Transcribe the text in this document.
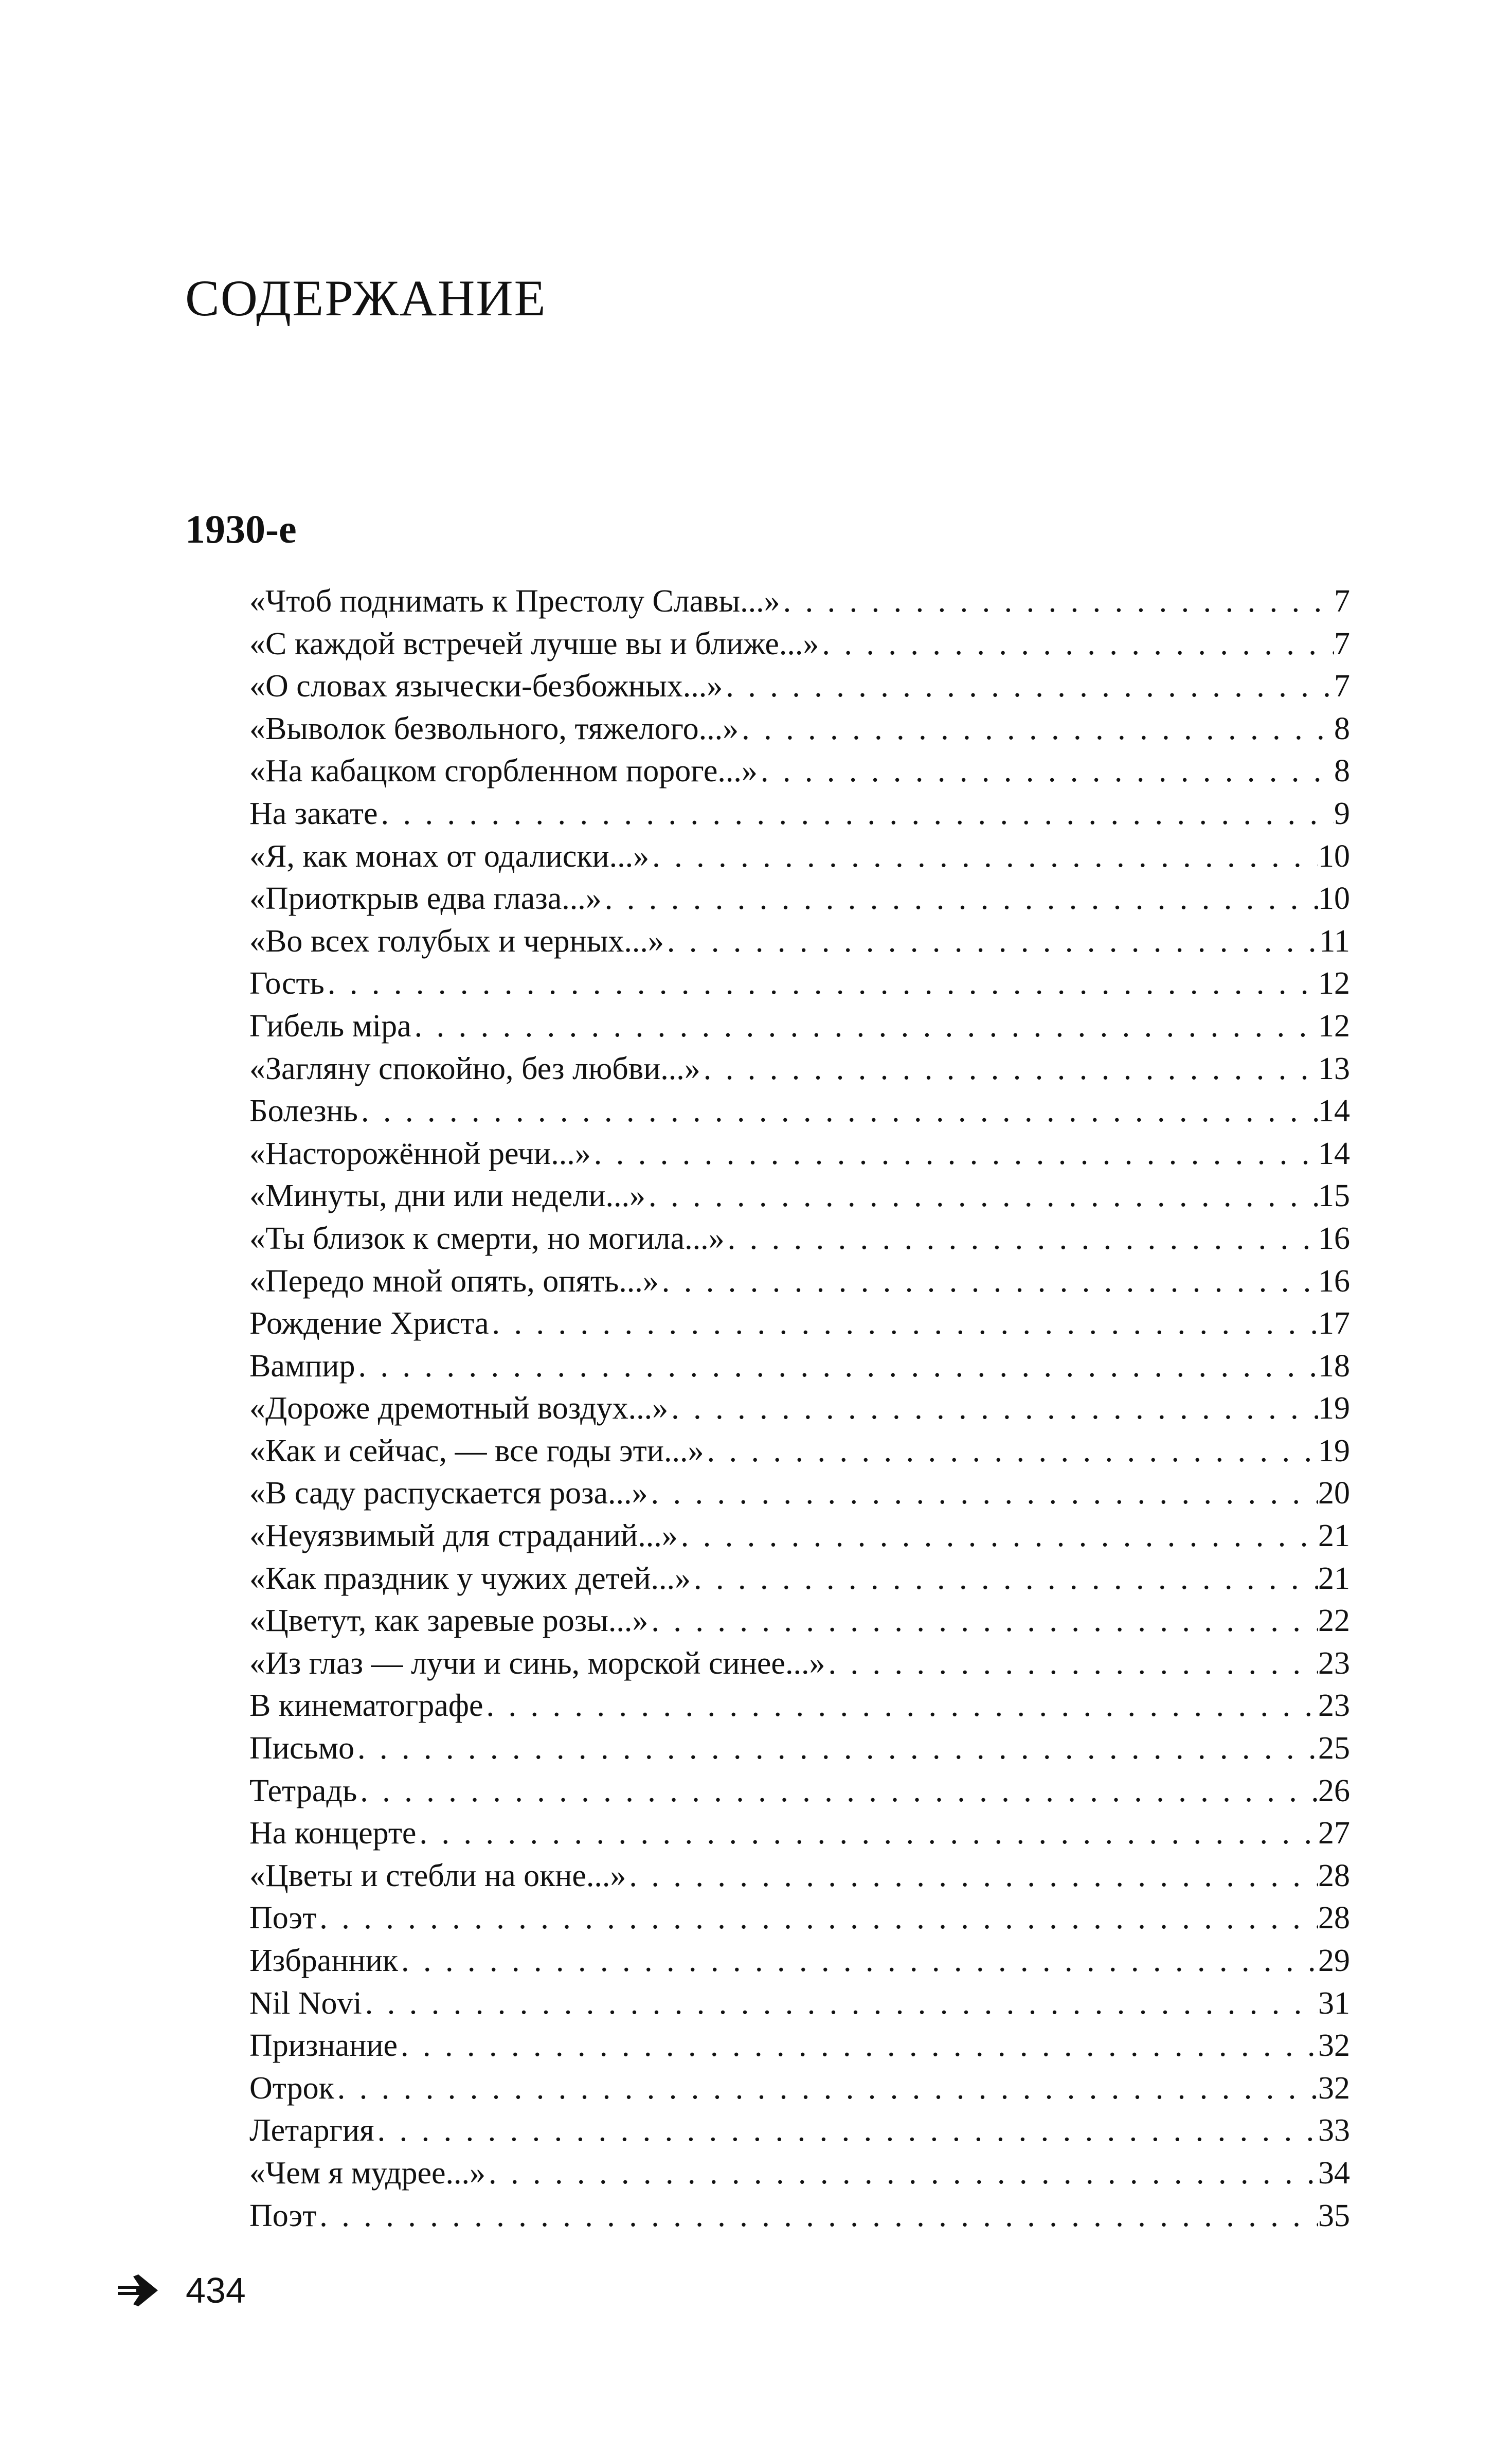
СОДЕРЖАНИЕ
1930-е
«Чтоб поднимать к Престолу Славы...» . . .	7
«С каждой встречей лучше вы и ближе...» . . .	7
«О словах язычески-безбожных...» . . .	7
«Выволок безвольного, тяжелого...» . . .	8
«На кабацком сгорбленном пороге...» . . .	8
На закате . . .	9
«Я, как монах от одалиски...» . . .	10
«Приоткрыв едва глаза...» . . .	10
«Во всех голубых и черных...» . . .	11
Гость . . .	12
Гибель міра . . .	12
«Загляну спокойно, без любви...» . . .	13
Болезнь . . .	14
«Насторожённой речи...» . . .	14
«Минуты, дни или недели...» . . .	15
«Ты близок к смерти, но могила...» . . .	16
«Передо мной опять, опять...» . . .	16
Рождение Христа . . .	17
Вампир . . .	18
«Дороже дремотный воздух...» . . .	19
«Как и сейчас, — все годы эти...» . . .	19
«В саду распускается роза...» . . .	20
«Неуязвимый для страданий...» . . .	21
«Как праздник у чужих детей...» . . .	21
«Цветут, как заревые розы...» . . .	22
«Из глаз — лучи и синь, морской синее...» . . .	23
В кинематографе . . .	23
Письмо . . .	25
Тетрадь . . .	26
На концерте . . .	27
«Цветы и стебли на окне...» . . .	28
Поэт . . .	28
Избранник . . .	29
Nil Novi . . .	31
Признание . . .	32
Отрок . . .	32
Летаргия . . .	33
«Чем я мудрее...» . . .	34
Поэт . . .	35
434
